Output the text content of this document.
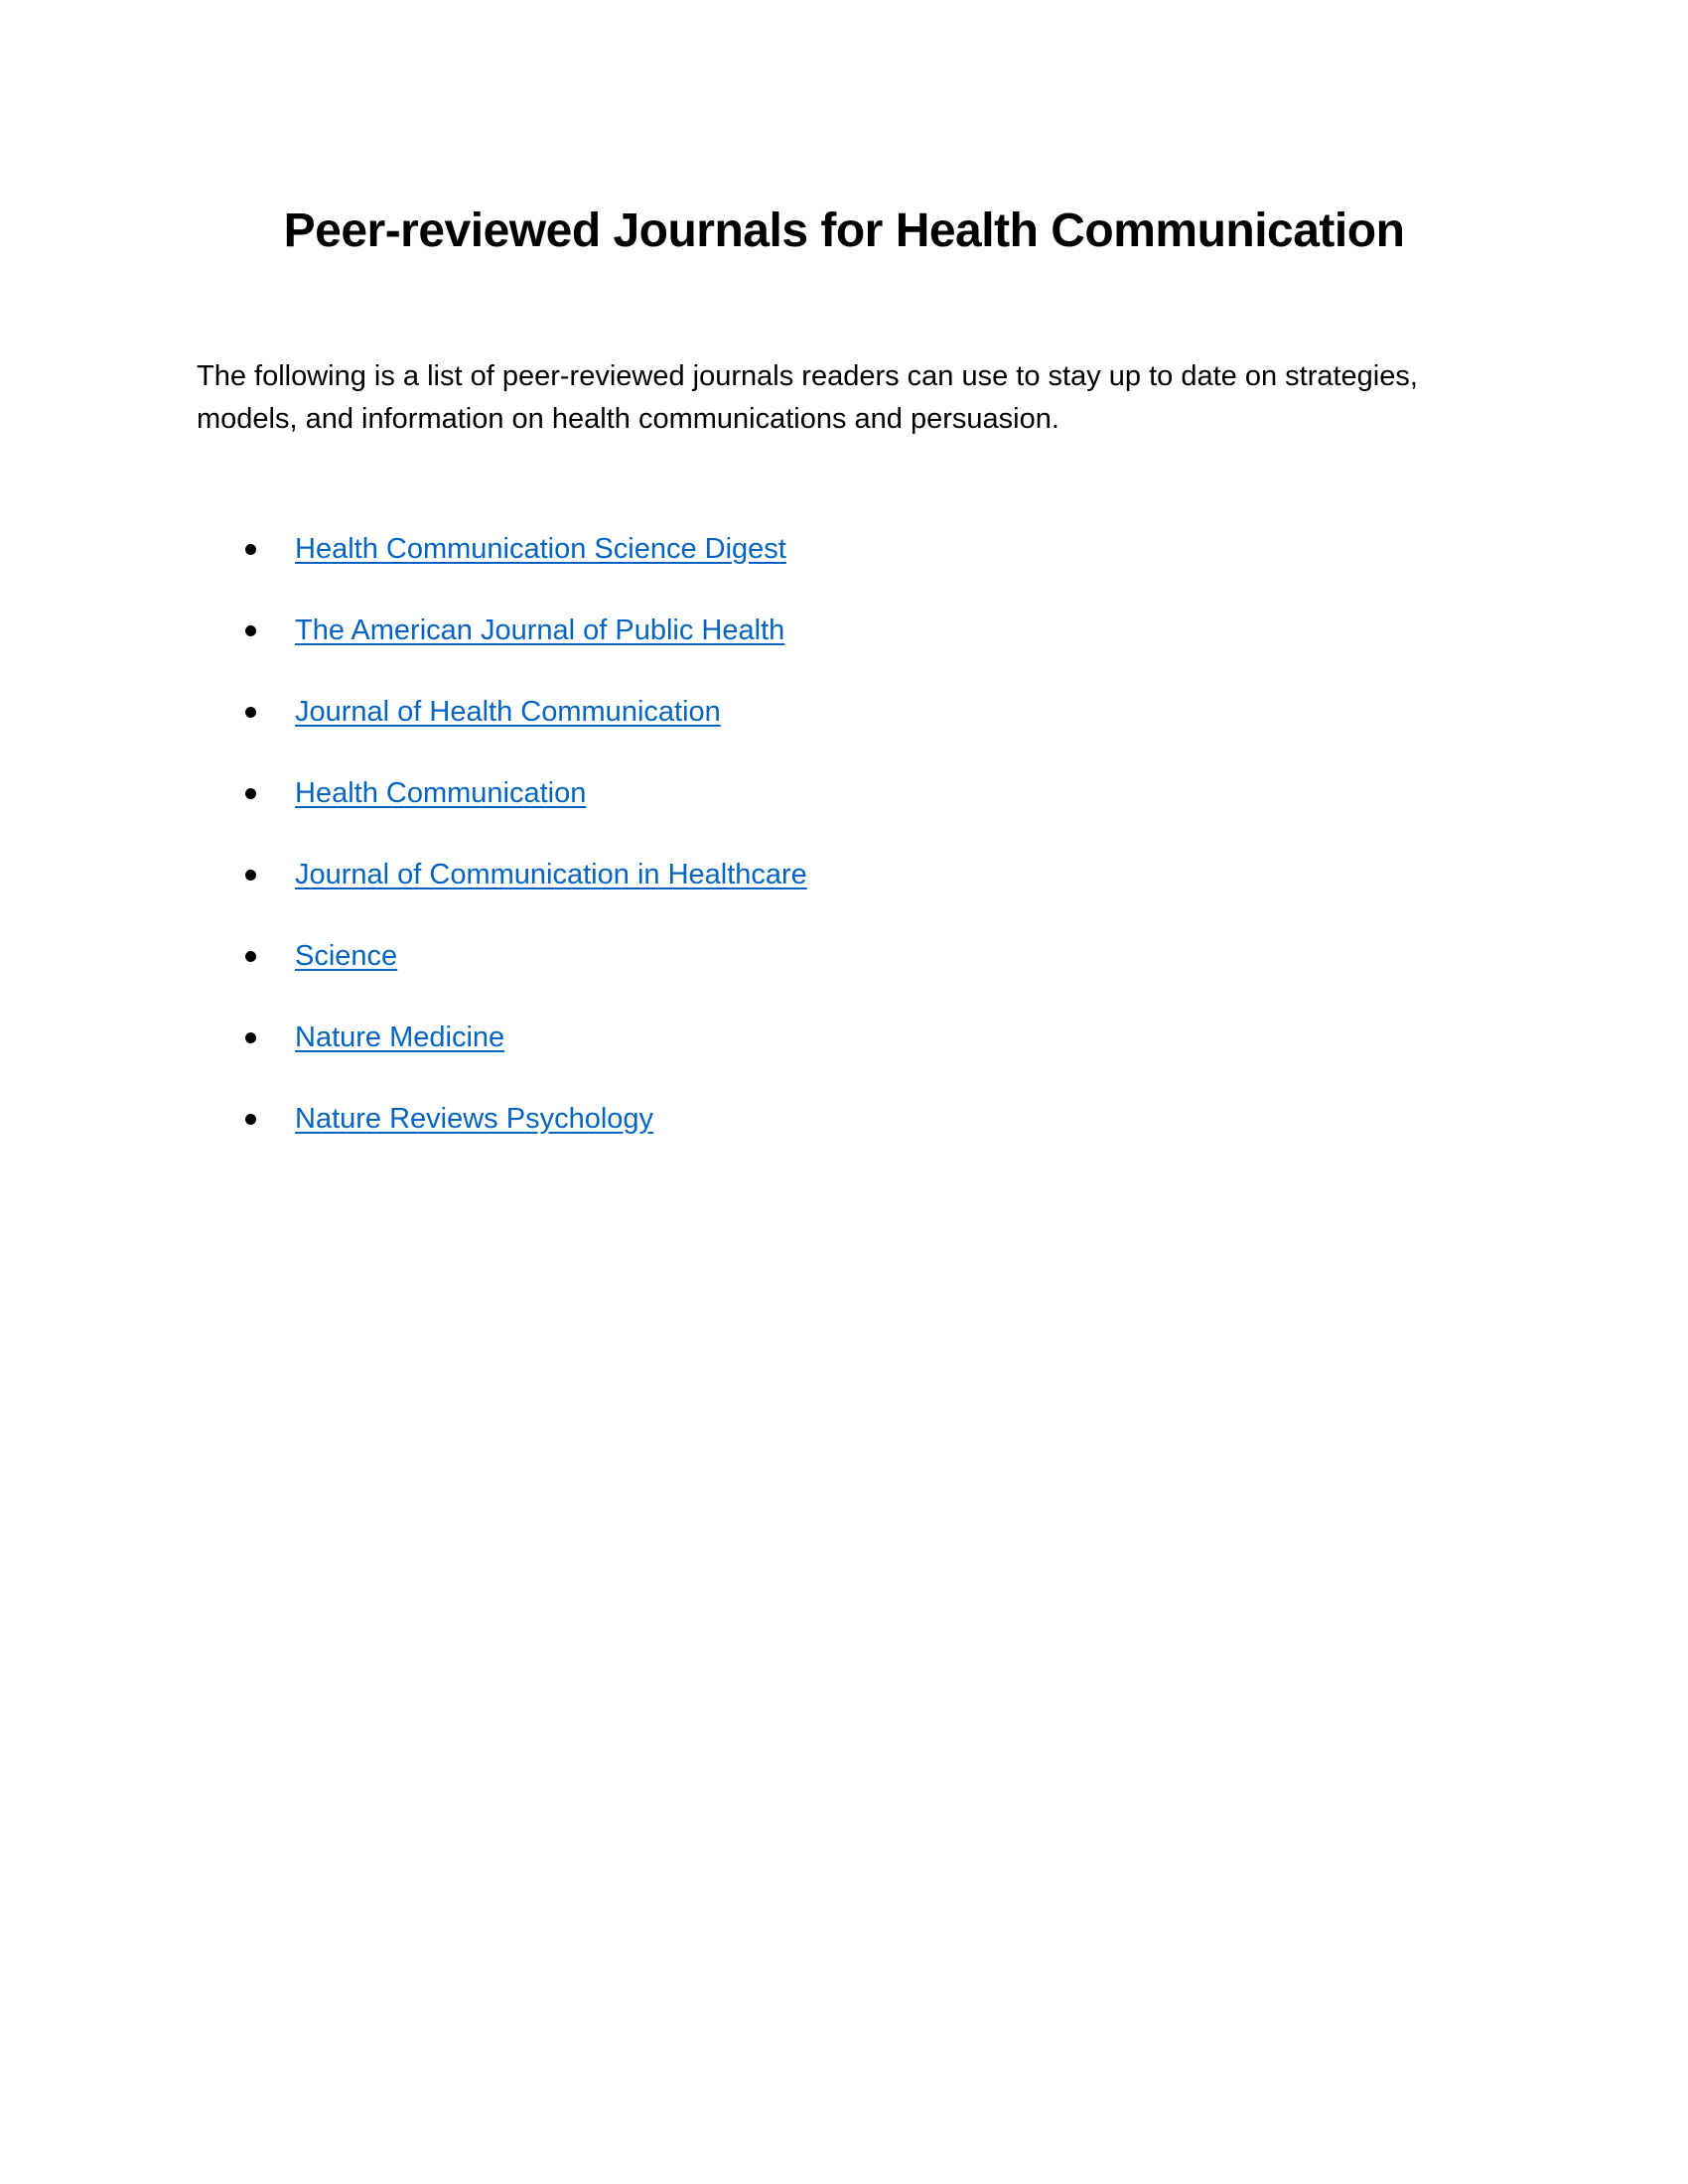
Peer-reviewed Journals for Health Communication

The following is a list of peer-reviewed journals readers can use to stay up to date on strategies, models, and information on health communications and persuasion.

Health Communication Science Digest
The American Journal of Public Health
Journal of Health Communication
Health Communication
Journal of Communication in Healthcare
Science
Nature Medicine
Nature Reviews Psychology
